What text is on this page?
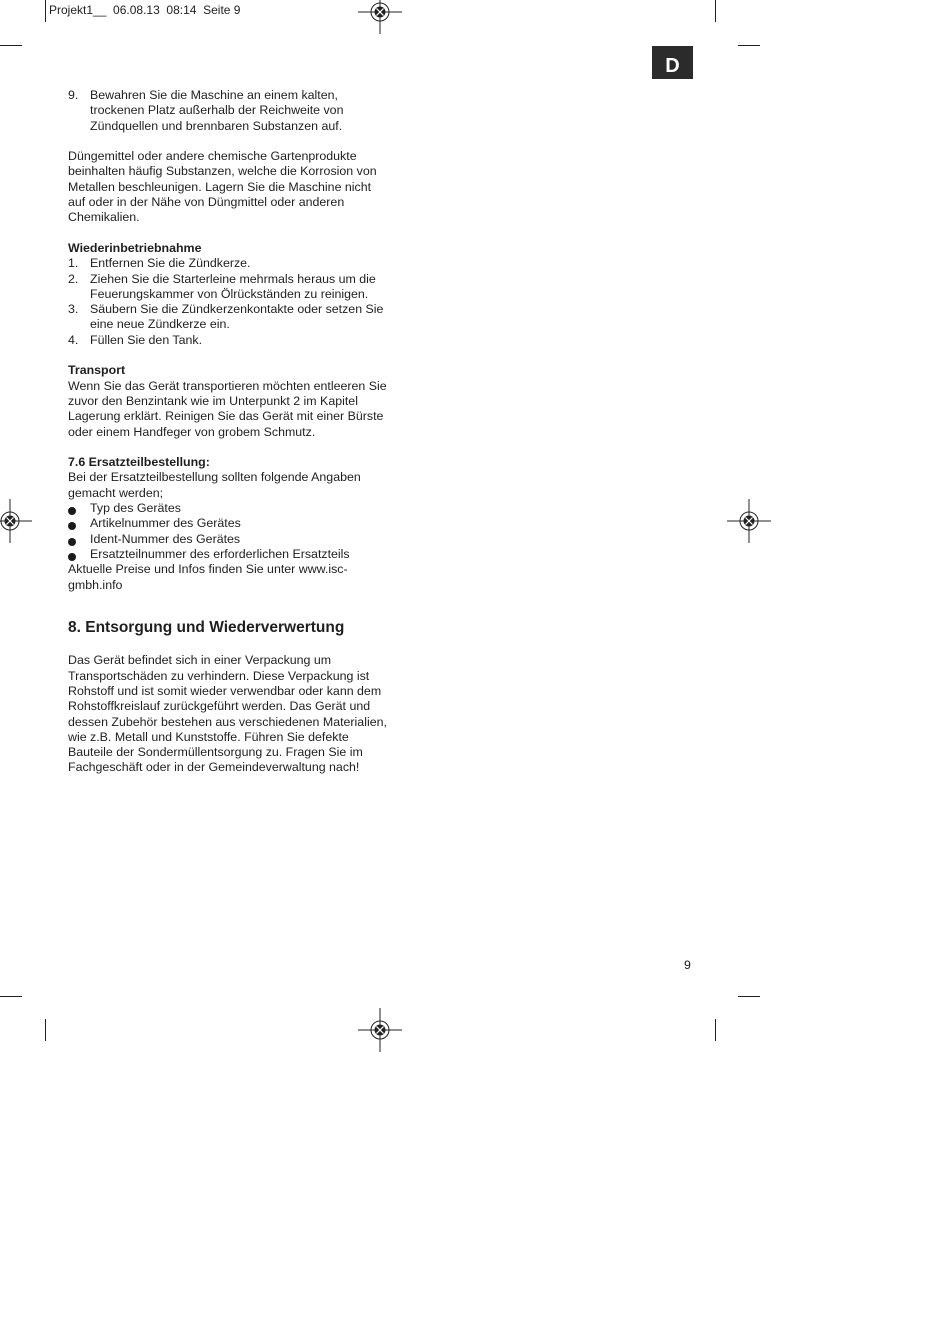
Projekt1__  06.08.13  08:14  Seite 9
D
9. Bewahren Sie die Maschine an einem kalten, trockenen Platz außerhalb der Reichweite von Zündquellen und brennbaren Substanzen auf.

Düngemittel oder andere chemische Gartenprodukte beinhalten häufig Substanzen, welche die Korrosion von Metallen beschleunigen. Lagern Sie die Maschine nicht auf oder in der Nähe von Düngmittel oder anderen Chemikalien.

Wiederinbetriebnahme

1. Entfernen Sie die Zündkerze.

2. Ziehen Sie die Starterleine mehrmals heraus um die Feuerungskammer von Ölrückständen zu reinigen.

3. Säubern Sie die Zündkerzenkontakte oder setzen Sie eine neue Zündkerze ein.

4. Füllen Sie den Tank.

Transport

Wenn Sie das Gerät transportieren möchten entleeren Sie zuvor den Benzintank wie im Unterpunkt 2 im Kapitel Lagerung erklärt. Reinigen Sie das Gerät mit einer Bürste oder einem Handfeger von grobem Schmutz.

7.6 Ersatzteilbestellung:

Bei der Ersatzteilbestellung sollten folgende Angaben gemacht werden;

Typ des Gerätes

Artikelnummer des Gerätes

Ident-Nummer des Gerätes

Ersatzteilnummer des erforderlichen Ersatzteils

Aktuelle Preise und Infos finden Sie unter www.isc-gmbh.info

8. Entsorgung und Wiederverwertung

Das Gerät befindet sich in einer Verpackung um Transportschäden zu verhindern. Diese Verpackung ist Rohstoff und ist somit wieder verwendbar oder kann dem Rohstoffkreislauf zurückgeführt werden. Das Gerät und dessen Zubehör bestehen aus verschiedenen Materialien, wie z.B. Metall und Kunststoffe. Führen Sie defekte Bauteile der Sondermüllentsorgung zu. Fragen Sie im Fachgeschäft oder in der Gemeindeverwaltung nach!

9
